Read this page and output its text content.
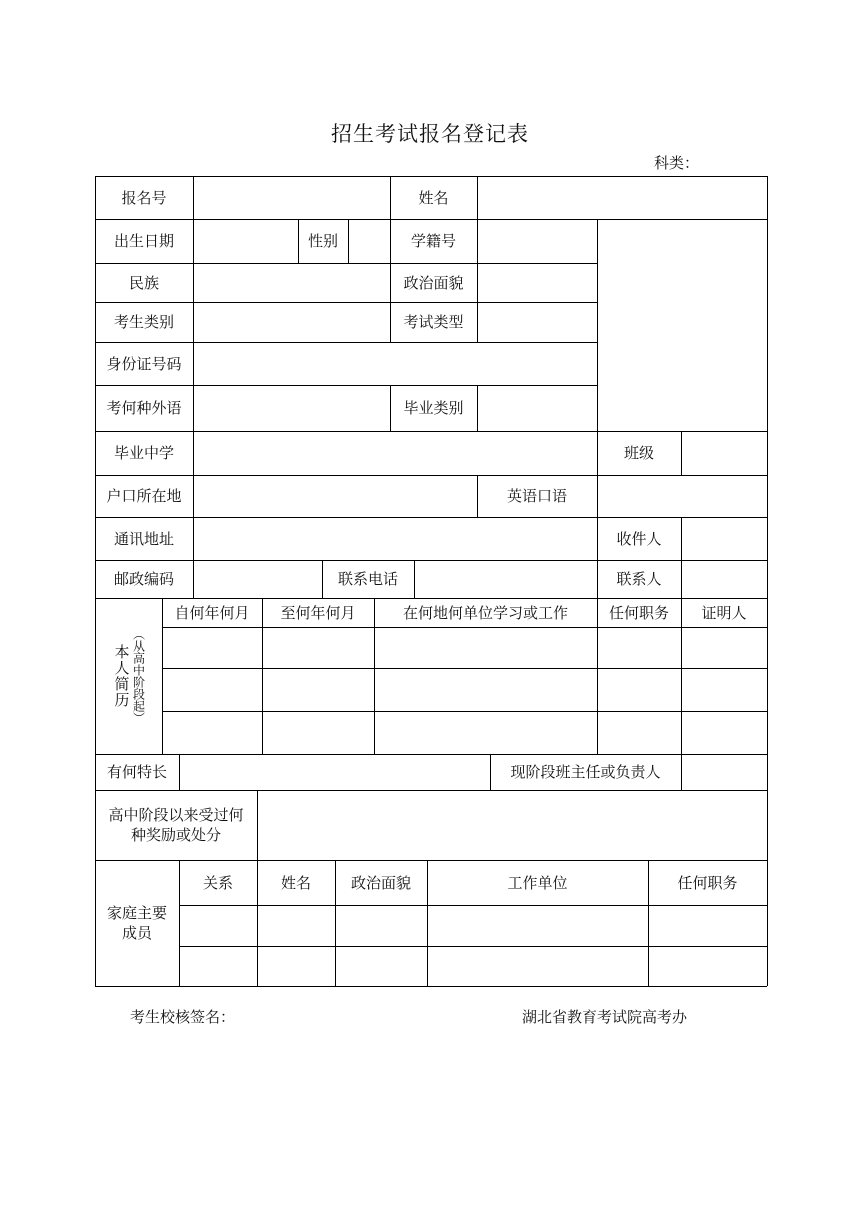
招生考试报名登记表
科类：
报名号	姓名
出生日期	性别	学籍号
民族	政治面貌
考生类别	考试类型
身份证号码
考何种外语	毕业类别
毕业中学	班级
户口所在地	英语口语
通讯地址	收件人
邮政编码	联系电话	联系人
本人简历 （从高中阶段起）
自何年何月	至何年何月	在何地何单位学习或工作	任何职务	证明人
有何特长	现阶段班主任或负责人
高中阶段以来受过何种奖励或处分
家庭主要成员
关系	姓名	政治面貌	工作单位	任何职务
考生校核签名：	湖北省教育考试院高考办
